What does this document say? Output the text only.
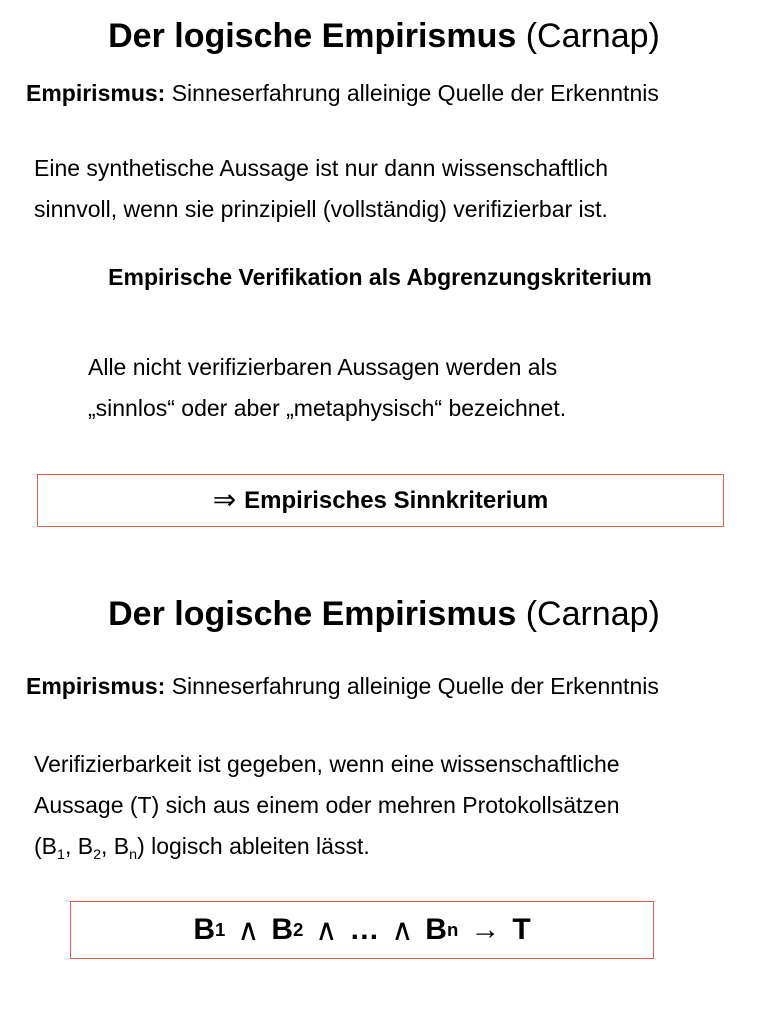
Der logische Empirismus (Carnap)
Empirismus: Sinneserfahrung alleinige Quelle der Erkenntnis
Eine synthetische Aussage ist nur dann wissenschaftlich
sinnvoll, wenn sie prinzipiell (vollständig) verifizierbar ist.
Empirische Verifikation als Abgrenzungskriterium
Alle nicht verifizierbaren Aussagen werden als
„sinnlos“ oder aber „metaphysisch“ bezeichnet.
⇒ Empirisches Sinnkriterium
Der logische Empirismus (Carnap)
Empirismus: Sinneserfahrung alleinige Quelle der Erkenntnis
Verifizierbarkeit ist gegeben, wenn eine wissenschaftliche
Aussage (T) sich aus einem oder mehren Protokollsätzen
($B_1$, $B_2$, $B_n$) logisch ableiten lässt.
B 1 ∧ B 2 ∧ … ∧ B n → T
